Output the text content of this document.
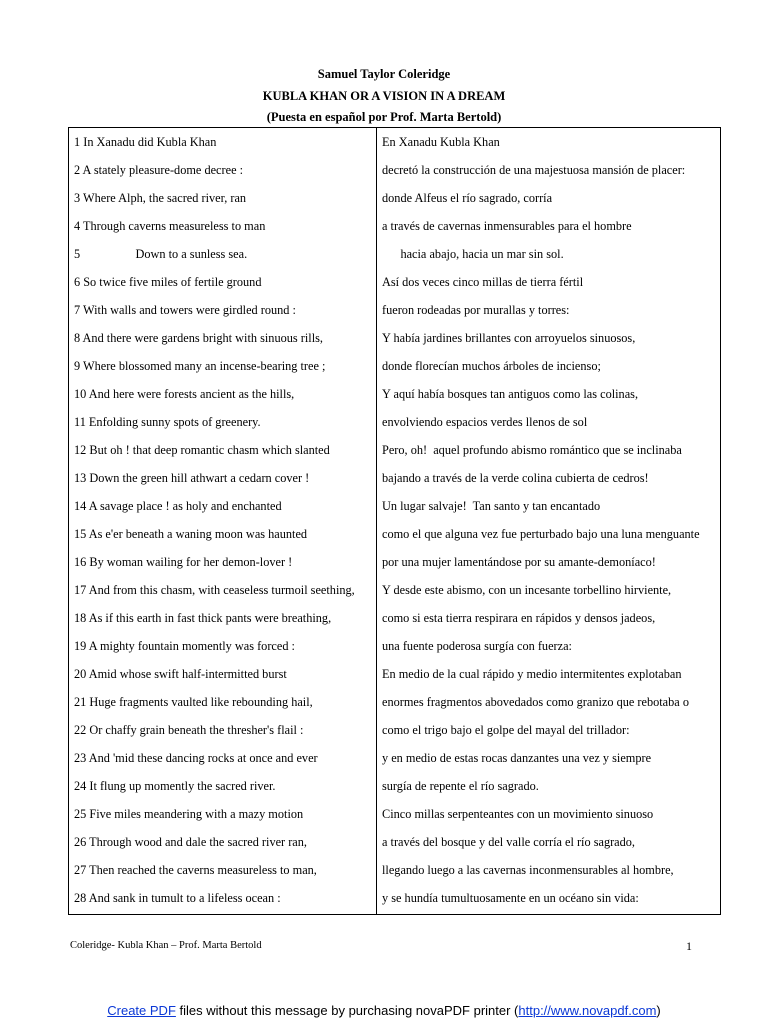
Samuel Taylor Coleridge
KUBLA KHAN OR A VISION IN A DREAM
(Puesta en español por Prof. Marta Bertold)
1 In Xanadu did Kubla Khan	En Xanadu Kubla Khan
2 A stately pleasure-dome decree :	decretó la construcción de una majestuosa mansión de placer:
3 Where Alph, the sacred river, ran	donde Alfeus el río sagrado, corría
4 Through caverns measureless to man	a través de cavernas inmensurables para el hombre
5                  Down to a sunless sea.	hacia abajo, hacia un mar sin sol.
6 So twice five miles of fertile ground	Así dos veces cinco millas de tierra fértil
7 With walls and towers were girdled round :	fueron rodeadas por murallas y torres:
8 And there were gardens bright with sinuous rills,	Y había jardines brillantes con arroyuelos sinuosos,
9 Where blossomed many an incense-bearing tree ;	donde florecían muchos árboles de incienso;
10 And here were forests ancient as the hills,	Y aquí había bosques tan antiguos como las colinas,
11 Enfolding sunny spots of greenery.	envolviendo espacios verdes llenos de sol
12 But oh ! that deep romantic chasm which slanted	Pero, oh!  aquel profundo abismo romántico que se inclinaba
13 Down the green hill athwart a cedarn cover !	bajando a través de la verde colina cubierta de cedros!
14 A savage place ! as holy and enchanted	Un lugar salvaje!  Tan santo y tan encantado
15 As e'er beneath a waning moon was haunted	como el que alguna vez fue perturbado bajo una luna menguante
16 By woman wailing for her demon-lover !	por una mujer lamentándose por su amante-demoníaco!
17 And from this chasm, with ceaseless turmoil seething,	Y desde este abismo, con un incesante torbellino hirviente,
18 As if this earth in fast thick pants were breathing,	como si esta tierra respirara en rápidos y densos jadeos,
19 A mighty fountain momently was forced :	una fuente poderosa surgía con fuerza:
20 Amid whose swift half-intermitted burst	En medio de la cual rápido y medio intermitentes explotaban
21 Huge fragments vaulted like rebounding hail,	enormes fragmentos abovedados como granizo que rebotaba o
22 Or chaffy grain beneath the thresher's flail :	como el trigo bajo el golpe del mayal del trillador:
23 And 'mid these dancing rocks at once and ever	y en medio de estas rocas danzantes una vez y siempre
24 It flung up momently the sacred river.	surgía de repente el río sagrado.
25 Five miles meandering with a mazy motion	Cinco millas serpenteantes con un movimiento sinuoso
26 Through wood and dale the sacred river ran,	a través del bosque y del valle corría el río sagrado,
27 Then reached the caverns measureless to man,	llegando luego a las cavernas inconmensurables al hombre,
28 And sank in tumult to a lifeless ocean :	y se hundía tumultuosamente en un océano sin vida:
Coleridge- Kubla Khan – Prof. Marta Bertold	1
Create PDF files without this message by purchasing novaPDF printer (http://www.novapdf.com)
